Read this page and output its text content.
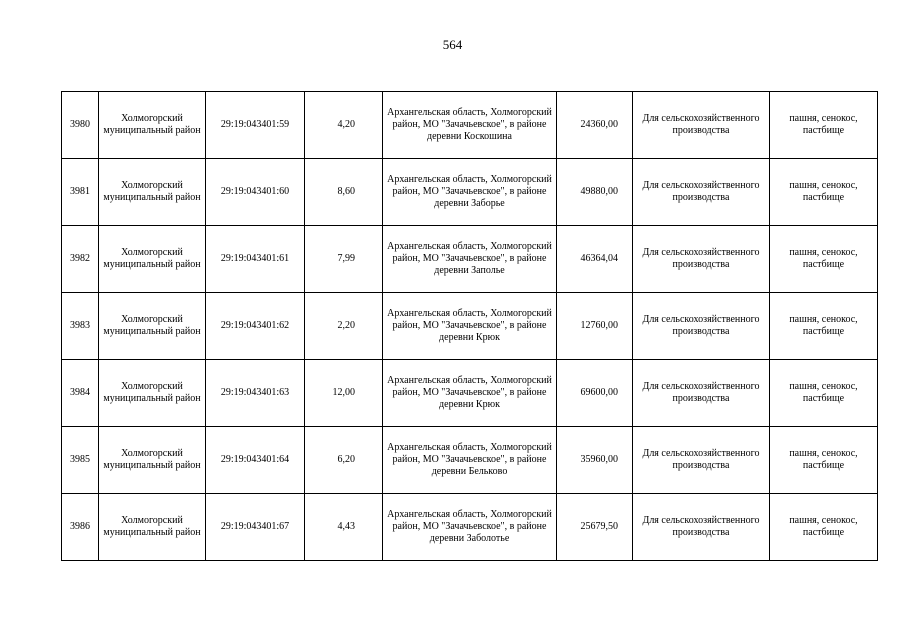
564
3980	Холмогорский муниципальный район	29:19:043401:59	4,20	Архангельская область, Холмогорский район, МО "Зачачьевское", в районе деревни Коскошина	24360,00	Для сельскохозяйственного производства	пашня, сенокос, пастбище
3981	Холмогорский муниципальный район	29:19:043401:60	8,60	Архангельская область, Холмогорский район, МО "Зачачьевское", в районе деревни Заборье	49880,00	Для сельскохозяйственного производства	пашня, сенокос, пастбище
3982	Холмогорский муниципальный район	29:19:043401:61	7,99	Архангельская область, Холмогорский район, МО "Зачачьевское", в районе деревни Заполье	46364,04	Для сельскохозяйственного производства	пашня, сенокос, пастбище
3983	Холмогорский муниципальный район	29:19:043401:62	2,20	Архангельская область, Холмогорский район, МО "Зачачьевское", в районе деревни Крюк	12760,00	Для сельскохозяйственного производства	пашня, сенокос, пастбище
3984	Холмогорский муниципальный район	29:19:043401:63	12,00	Архангельская область, Холмогорский район, МО "Зачачьевское", в районе деревни Крюк	69600,00	Для сельскохозяйственного производства	пашня, сенокос, пастбище
3985	Холмогорский муниципальный район	29:19:043401:64	6,20	Архангельская область, Холмогорский район, МО "Зачачьевское", в районе деревни Бельково	35960,00	Для сельскохозяйственного производства	пашня, сенокос, пастбище
3986	Холмогорский муниципальный район	29:19:043401:67	4,43	Архангельская область, Холмогорский район, МО "Зачачьевское", в районе деревни Заболотье	25679,50	Для сельскохозяйственного производства	пашня, сенокос, пастбище
